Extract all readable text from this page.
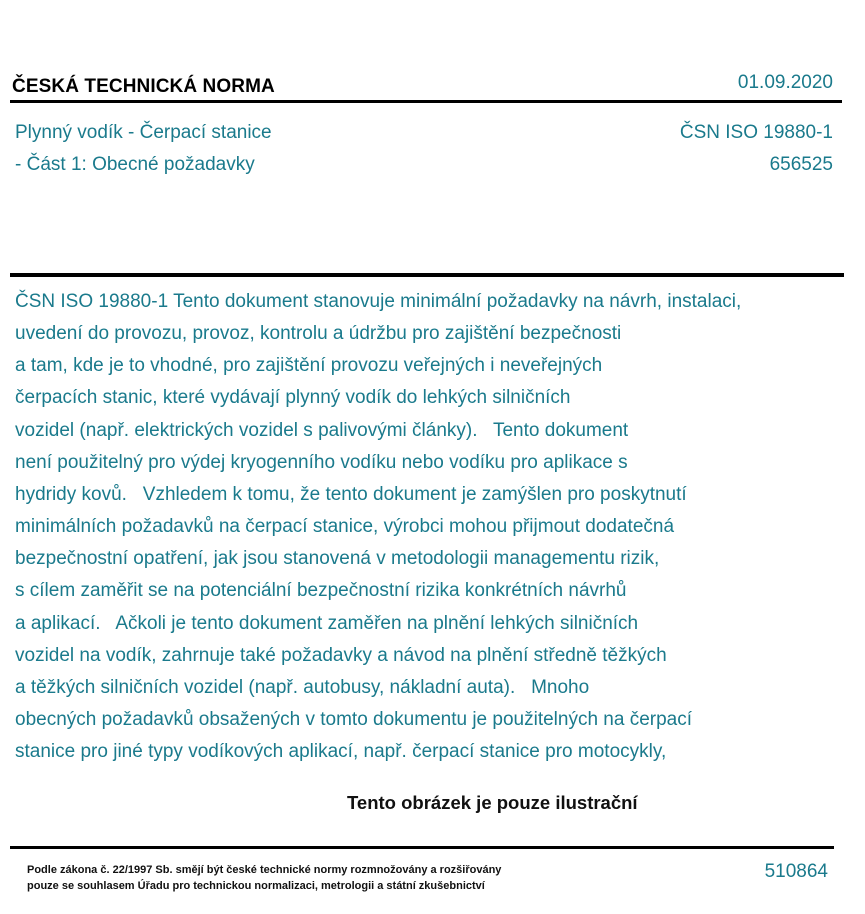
ČESKÁ TECHNICKÁ NORMA	01.09.2020
Plynný vodík - Čerpací stanice
- Část 1: Obecné požadavky
ČSN ISO 19880-1
656525
ČSN ISO 19880-1 Tento dokument stanovuje minimální požadavky na návrh, instalaci,
uvedení do provozu, provoz, kontrolu a údržbu pro zajištění bezpečnosti
a tam, kde je to vhodné, pro zajištění provozu veřejných i neveřejných
čerpacích stanic, které vydávají plynný vodík do lehkých silničních
vozidel (např. elektrických vozidel s palivovými články).   Tento dokument
není použitelný pro výdej kryogenního vodíku nebo vodíku pro aplikace s
hydridy kovů.   Vzhledem k tomu, že tento dokument je zamýšlen pro poskytnutí
minimálních požadavků na čerpací stanice, výrobci mohou přijmout dodatečná
bezpečnostní opatření, jak jsou stanovená v metodologii managementu rizik,
s cílem zaměřit se na potenciální bezpečnostní rizika konkrétních návrhů
a aplikací.   Ačkoli je tento dokument zaměřen na plnění lehkých silničních
vozidel na vodík, zahrnuje také požadavky a návod na plnění středně těžkých
a těžkých silničních vozidel (např. autobusy, nákladní auta).   Mnoho
obecných požadavků obsažených v tomto dokumentu je použitelných na čerpací
stanice pro jiné typy vodíkových aplikací, např. čerpací stanice pro motocykly,
Tento obrázek je pouze ilustrační
Podle zákona č. 22/1997 Sb. smějí být české technické normy rozmnožovány a rozšiřovány
pouze se souhlasem Úřadu pro technickou normalizaci, metrologii a státní zkušebnictví
510864
